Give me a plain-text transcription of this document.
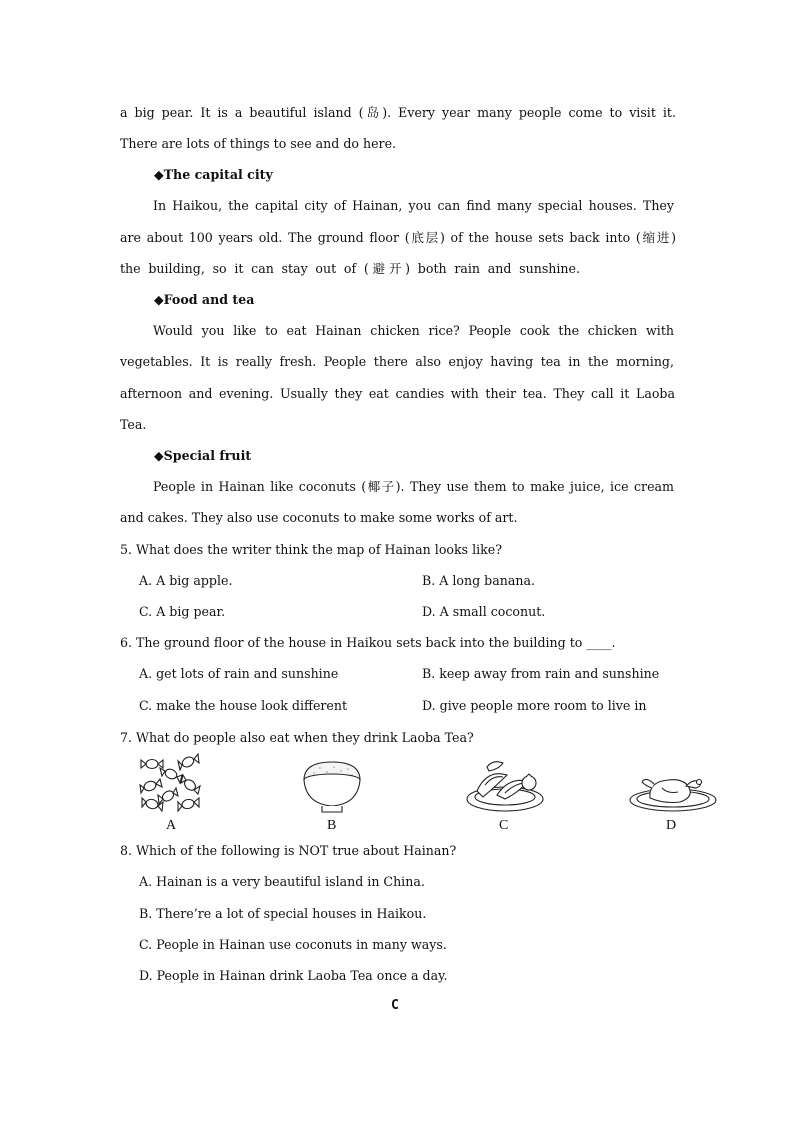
a big pear. It is a beautiful island (岛). Every year many people come to visit it.
There are lots of things to see and do here.
◆The capital city
In Haikou, the capital city of Hainan, you can find many special houses. They
are about 100 years old. The ground floor (底层) of the house sets back into (缩进)
the building, so it can stay out of (避开) both rain and sunshine.
◆Food and tea
Would you like to eat Hainan chicken rice? People cook the chicken with
vegetables. It is really fresh. People there also enjoy having tea in the morning,
afternoon and evening. Usually they eat candies with their tea. They call it Laoba
Tea.
◆Special fruit
People in Hainan like coconuts (椰子). They use them to make juice, ice cream
and cakes. They also use coconuts to make some works of art.
5. What does the writer think the map of Hainan looks like?
A. A big apple.	B. A long banana.
C. A big pear.	D. A small coconut.
6. The ground floor of the house in Haikou sets back into the building to ____.
A. get lots of rain and sunshine	B. keep away from rain and sunshine
C. make the house look different	D. give people more room to live in
7. What do people also eat when they drink Laoba Tea?
A	B	C	D
8. Which of the following is NOT true about Hainan?
A. Hainan is a very beautiful island in China.
B. There’re a lot of special houses in Haikou.
C. People in Hainan use coconuts in many ways.
D. People in Hainan drink Laoba Tea once a day.
C
